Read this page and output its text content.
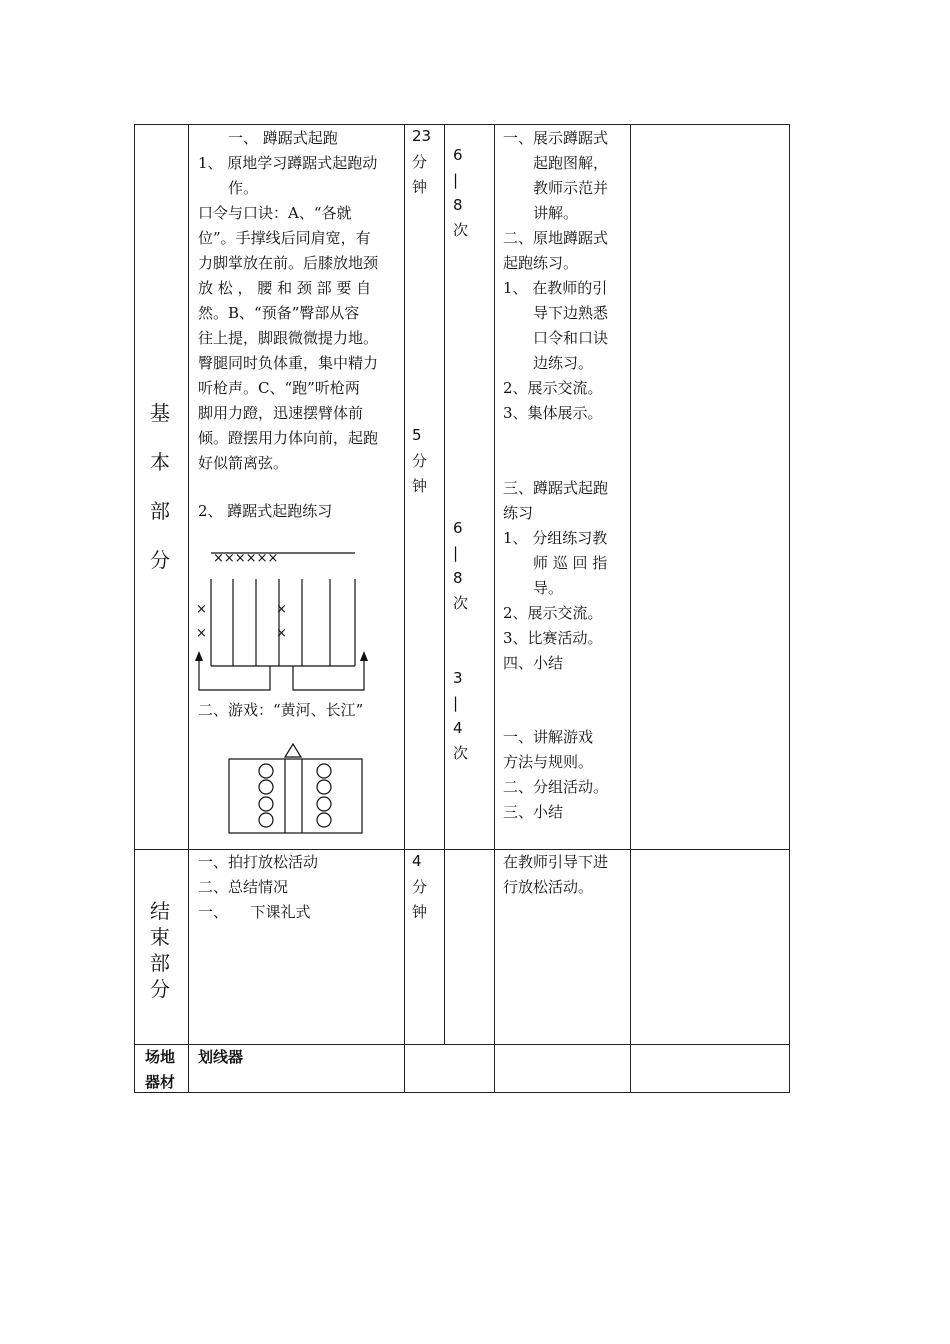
基
本
部
分
一、 蹲踞式起跑
1、 原地学习蹲踞式起跑动
作。
口令与口诀：A、“各就
位”。手撑线后同肩宽，有
力脚掌放在前。后膝放地颈
放 松 ， 腰 和 颈 部 要 自
然。B、“预备”臀部从容
往上提，脚跟微微提力地。
臀腿同时负体重，集中精力
听枪声。C、“跑”听枪两
脚用力蹬，迅速摆臂体前
倾。蹬摆用力体向前，起跑
好似箭离弦。
2、 蹲踞式起跑练习
××××××
×
×
×
×
二、游戏：“黄河、长江”
23
分
钟
5
分
钟
6
|
8
次
6
|
8
次
3
|
4
次
一、展示蹲踞式
　　起跑图解，
　　教师示范并
　　讲解。
二、原地蹲踞式
起跑练习。
1、 在教师的引
　　导下边熟悉
　　口令和口诀
　　边练习。
2、展示交流。
3、集体展示。
三、蹲踞式起跑
练习
1、 分组练习教
　　师 巡 回 指
　　导。
2、展示交流。
3、比赛活动。
四、小结
一、讲解游戏
方法与规则。
二、分组活动。
三、小结
结
束
部
分
一、拍打放松活动
二、总结情况
一、　　下课礼式
4
分
钟
在教师引导下进
行放松活动。
场地
器材
划线器
